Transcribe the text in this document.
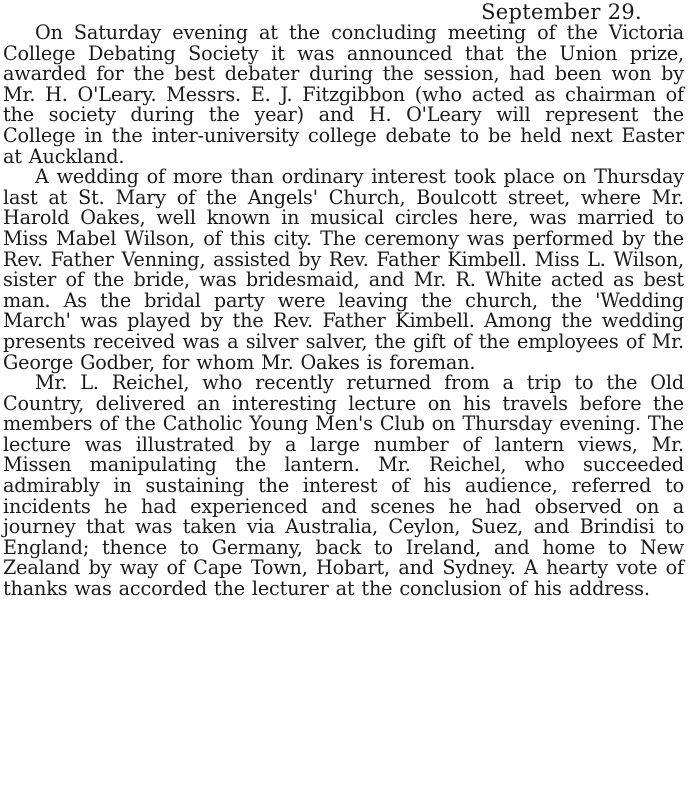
September 29.

On Saturday evening at the concluding meeting of the Victoria College Debating Society it was announced that the Union prize, awarded for the best debater during the session, had been won by Mr. H. O'Leary. Messrs. E. J. Fitzgibbon (who acted as chairman of the society during the year) and H. O'Leary will represent the College in the inter-university college debate to be held next Easter at Auckland.

A wedding of more than ordinary interest took place on Thursday last at St. Mary of the Angels' Church, Boulcott street, where Mr. Harold Oakes, well known in musical circles here, was married to Miss Mabel Wilson, of this city. The ceremony was performed by the Rev. Father Venning, assisted by Rev. Father Kimbell. Miss L. Wilson, sister of the bride, was bridesmaid, and Mr. R. White acted as best man. As the bridal party were leaving the church, the 'Wedding March' was played by the Rev. Father Kimbell. Among the wedding presents received was a silver salver, the gift of the employees of Mr. George Godber, for whom Mr. Oakes is foreman.

Mr. L. Reichel, who recently returned from a trip to the Old Country, delivered an interesting lecture on his travels before the members of the Catholic Young Men's Club on Thursday evening. The lecture was illustrated by a large number of lantern views, Mr. Missen manipulating the lantern. Mr. Reichel, who succeeded admirably in sustaining the interest of his audience, referred to incidents he had experienced and scenes he had observed on a journey that was taken via Australia, Ceylon, Suez, and Brindisi to England; thence to Germany, back to Ireland, and home to New Zealand by way of Cape Town, Hobart, and Sydney. A hearty vote of thanks was accorded the lecturer at the conclusion of his address.
